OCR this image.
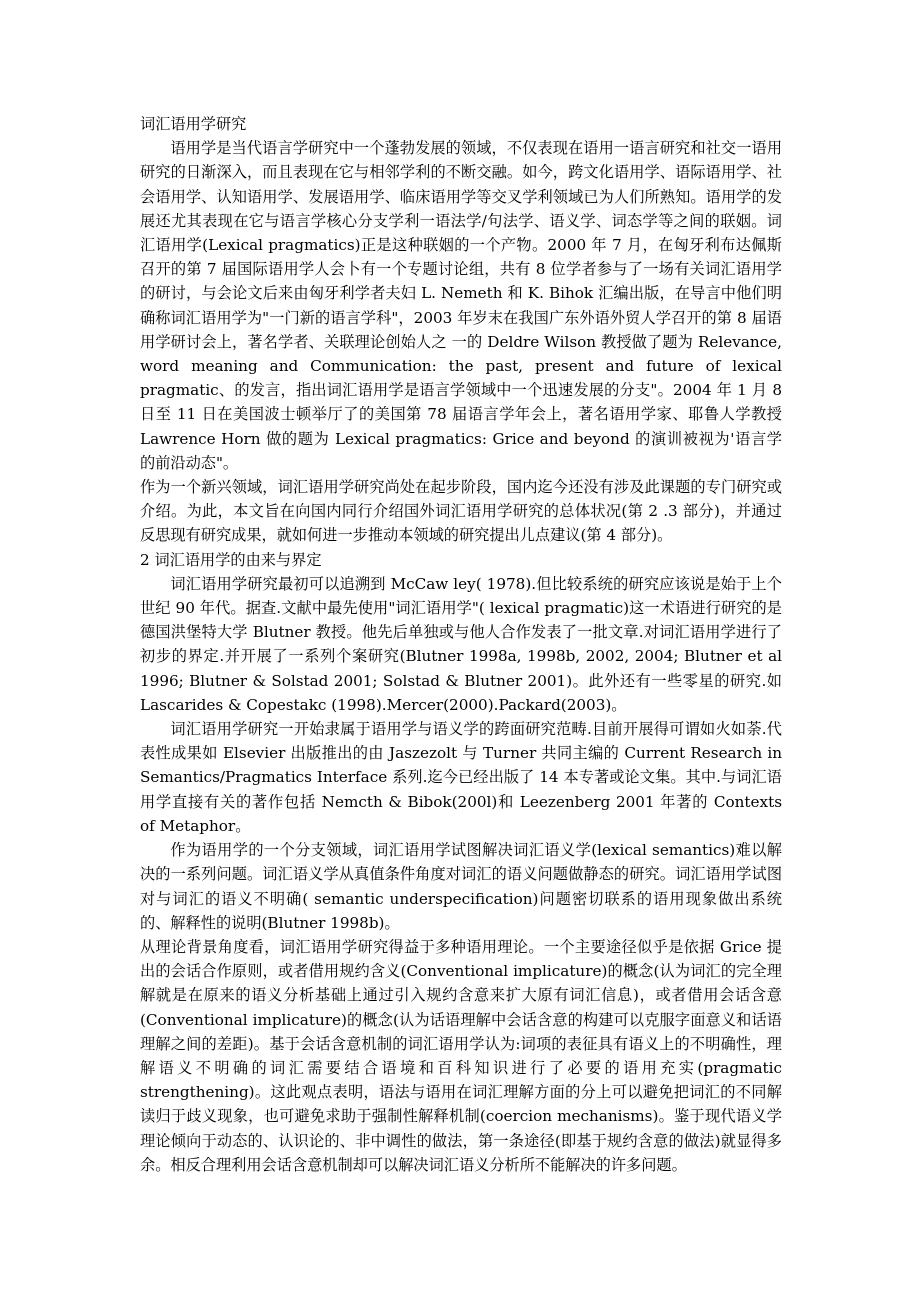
词汇语用学研究

语用学是当代语言学研究中一个蓬勃发展的领域，不仅表现在语用一语言研究和社交一语用研究的日渐深入，而且表现在它与相邻学利的不断交融。如今，跨文化语用学、语际语用学、社会语用学、认知语用学、发展语用学、临床语用学等交叉学利领域已为人们所熟知。语用学的发展还尤其表现在它与语言学核心分支学利一语法学/句法学、语义学、词态学等之间的联姻。词汇语用学(Lexical pragmatics)正是这种联姻的一个产物。2000 年 7 月，在匈牙利布达佩斯召开的第 7 届国际语用学人会卜有一个专题讨论组，共有 8 位学者参与了一场有关词汇语用学的研讨，与会论文后来由匈牙利学者夫妇 L. Nemeth 和 K. Bihok 汇编出版，在导言中他们明确称词汇语用学为"一门新的语言学科"，2003 年岁末在我国广东外语外贸人学召开的第 8 届语用学研讨会上，著名学者、关联理论创始人之 一的 Deldre Wilson 教授做了题为 Relevance, word meaning and Communication: the past, present and future of lexical pragmatic、的发言，指出词汇语用学是语言学领域中一个迅速发展的分支"。2004 年 1 月 8 日至 11 日在美国波士顿举厅了的美国第 78 届语言学年会上，著名语用学家、耶鲁人学教授 Lawrence Horn 做的题为 Lexical pragmatics: Grice and beyond 的演训被视为'语言学的前沿动态"。

作为一个新兴领域，词汇语用学研究尚处在起步阶段，国内迄今还没有涉及此课题的专门研究或介绍。为此，本文旨在向国内同行介绍国外词汇语用学研究的总体状况(第 2 .3 部分)，并通过反思现有研究成果，就如何进一步推动本领域的研究提出儿点建议(第 4 部分)。

2 词汇语用学的由来与界定

词汇语用学研究最初可以追溯到 McCaw ley( 1978).但比较系统的研究应该说是始于上个世纪 90 年代。据查.文献中最先使用"词汇语用学"( lexical pragmatic)这一术语进行研究的是德国洪堡特大学 Blutner 教授。他先后单独或与他人合作发表了一批文章.对词汇语用学进行了初步的界定.并开展了一系列个案研究(Blutner 1998a, 1998b, 2002, 2004; Blutner et al 1996; Blutner & Solstad 2001; Solstad & Blutner 2001)。此外还有一些零星的研究.如 Lascarides & Copestakc (1998).Mercer(2000).Packard(2003)。

词汇语用学研究一开始隶属于语用学与语义学的跨面研究范畴.目前开展得可谓如火如荼.代表性成果如 Elsevier 出版推出的由 Jaszezolt 与 Turner 共同主编的 Current Research in Semantics/Pragmatics Interface 系列.迄今已经出版了 14 本专著或论文集。其中.与词汇语用学直接有关的著作包括 Nemcth & Bibok(200l)和 Leezenberg 2001 年著的 Contexts of Metaphor。

作为语用学的一个分支领域，词汇语用学试图解决词汇语义学(lexical semantics)难以解决的一系列问题。词汇语义学从真值条件角度对词汇的语义问题做静态的研究。词汇语用学试图对与词汇的语义不明确( semantic underspecification)问题密切联系的语用现象做出系统的、解释性的说明(Blutner 1998b)。

从理论背景角度看，词汇语用学研究得益于多种语用理论。一个主要途径似乎是依据 Grice 提出的会话合作原则，或者借用规约含义(Conventional implicature)的概念(认为词汇的完全理解就是在原来的语义分析基础上通过引入规约含意来扩大原有词汇信息)，或者借用会话含意(Conventional implicature)的概念(认为话语理解中会话含意的构建可以克服字面意义和话语理解之间的差距)。基于会话含意机制的词汇语用学认为:词项的表征具有语义上的不明确性，理解语义不明确的词汇需要结合语境和百科知识进行了必要的语用充实(pragmatic strengthening)。这此观点表明，语法与语用在词汇理解方面的分上可以避免把词汇的不同解读归于歧义现象，也可避免求助于强制性解释机制(coercion mechanisms)。鉴于现代语义学理论倾向于动态的、认识论的、非中调性的做法，第一条途径(即基于规约含意的做法)就显得多余。相反合理利用会话含意机制却可以解决词汇语义分析所不能解决的许多问题。
